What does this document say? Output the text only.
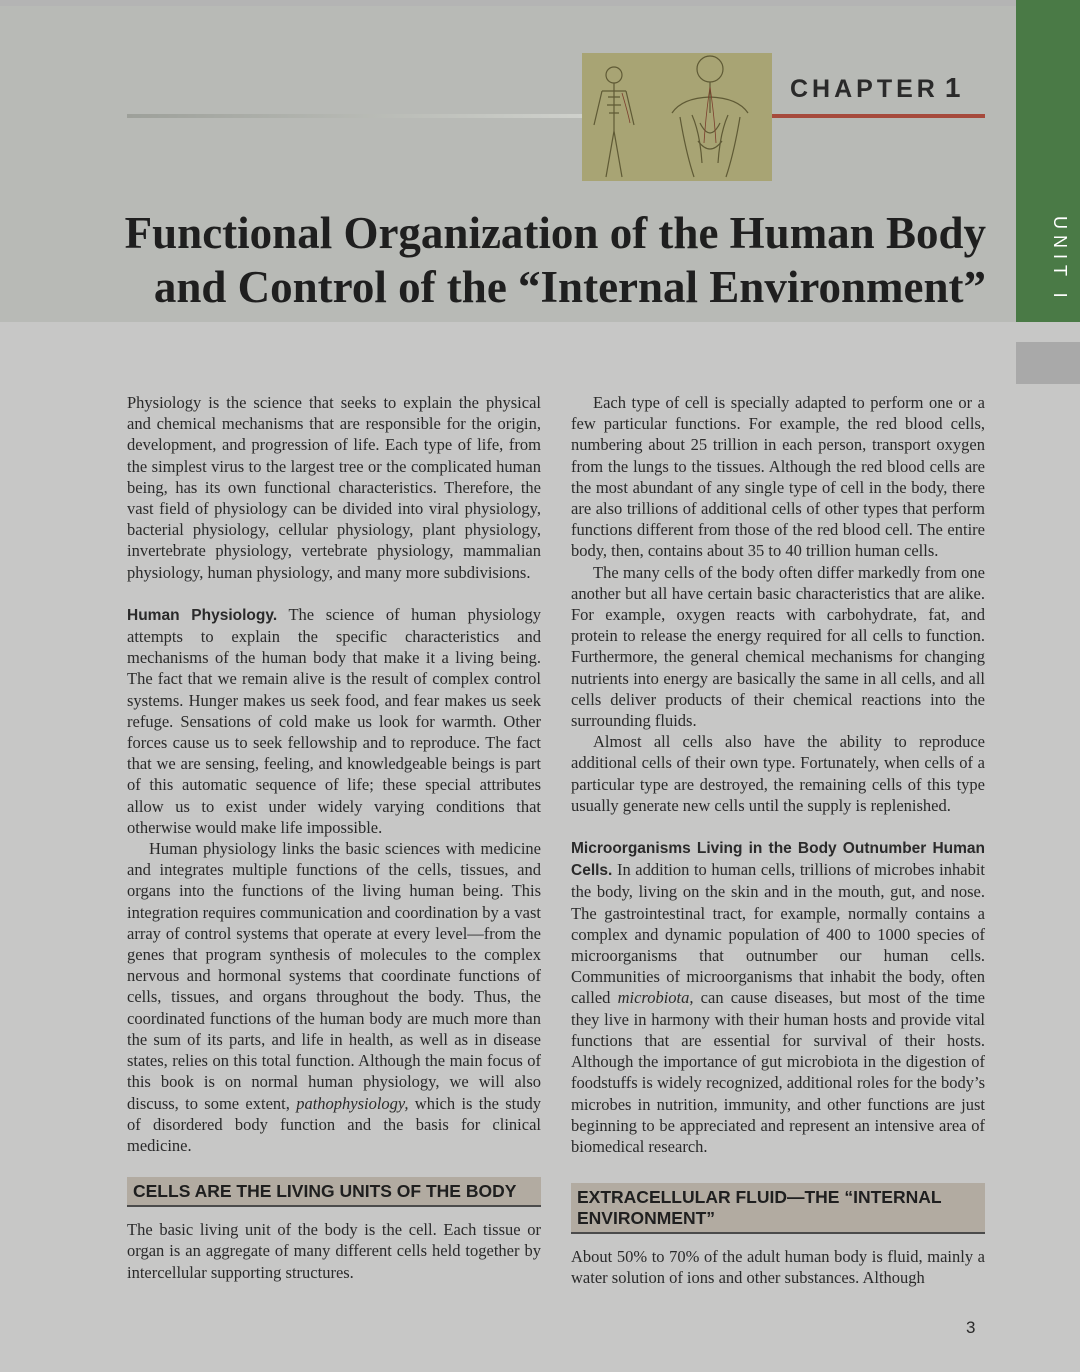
CHAPTER 1
Functional Organization of the Human Body
and Control of the “Internal Environment”	UNIT I

Physiology is the science that seeks to explain the physical and chemical mechanisms that are responsible for the origin, development, and progression of life. Each type of life, from the simplest virus to the largest tree or the complicated human being, has its own functional characteristics. Therefore, the vast field of physiology can be divided into viral physiology, bacterial physiology, cellular physiology, plant physiology, invertebrate physiology, vertebrate physiology, mammalian physiology, human physiology, and many more subdivisions.

Human Physiology. The science of human physiology attempts to explain the specific characteristics and mechanisms of the human body that make it a living being. The fact that we remain alive is the result of complex control systems. Hunger makes us seek food, and fear makes us seek refuge. Sensations of cold make us look for warmth. Other forces cause us to seek fellowship and to reproduce. The fact that we are sensing, feeling, and knowledgeable beings is part of this automatic sequence of life; these special attributes allow us to exist under widely varying conditions that otherwise would make life impossible.

Human physiology links the basic sciences with medicine and integrates multiple functions of the cells, tissues, and organs into the functions of the living human being. This integration requires communication and coordination by a vast array of control systems that operate at every level—from the genes that program synthesis of molecules to the complex nervous and hormonal systems that coordinate functions of cells, tissues, and organs throughout the body. Thus, the coordinated functions of the human body are much more than the sum of its parts, and life in health, as well as in disease states, relies on this total function. Although the main focus of this book is on normal human physiology, we will also discuss, to some extent, pathophysiology, which is the study of disordered body function and the basis for clinical medicine.

CELLS ARE THE LIVING UNITS OF THE BODY

The basic living unit of the body is the cell. Each tissue or organ is an aggregate of many different cells held together by intercellular supporting structures.

Each type of cell is specially adapted to perform one or a few particular functions. For example, the red blood cells, numbering about 25 trillion in each person, transport oxygen from the lungs to the tissues. Although the red blood cells are the most abundant of any single type of cell in the body, there are also trillions of additional cells of other types that perform functions different from those of the red blood cell. The entire body, then, contains about 35 to 40 trillion human cells.

The many cells of the body often differ markedly from one another but all have certain basic characteristics that are alike. For example, oxygen reacts with carbohydrate, fat, and protein to release the energy required for all cells to function. Furthermore, the general chemical mechanisms for changing nutrients into energy are basically the same in all cells, and all cells deliver products of their chemical reactions into the surrounding fluids.

Almost all cells also have the ability to reproduce additional cells of their own type. Fortunately, when cells of a particular type are destroyed, the remaining cells of this type usually generate new cells until the supply is replenished.

Microorganisms Living in the Body Outnumber Human Cells. In addition to human cells, trillions of microbes inhabit the body, living on the skin and in the mouth, gut, and nose. The gastrointestinal tract, for example, normally contains a complex and dynamic population of 400 to 1000 species of microorganisms that outnumber our human cells. Communities of microorganisms that inhabit the body, often called microbiota, can cause diseases, but most of the time they live in harmony with their human hosts and provide vital functions that are essential for survival of their hosts. Although the importance of gut microbiota in the digestion of foodstuffs is widely recognized, additional roles for the body’s microbes in nutrition, immunity, and other functions are just beginning to be appreciated and represent an intensive area of biomedical research.

EXTRACELLULAR FLUID—THE “INTERNAL ENVIRONMENT”

About 50% to 70% of the adult human body is fluid, mainly a water solution of ions and other substances. Although

3
